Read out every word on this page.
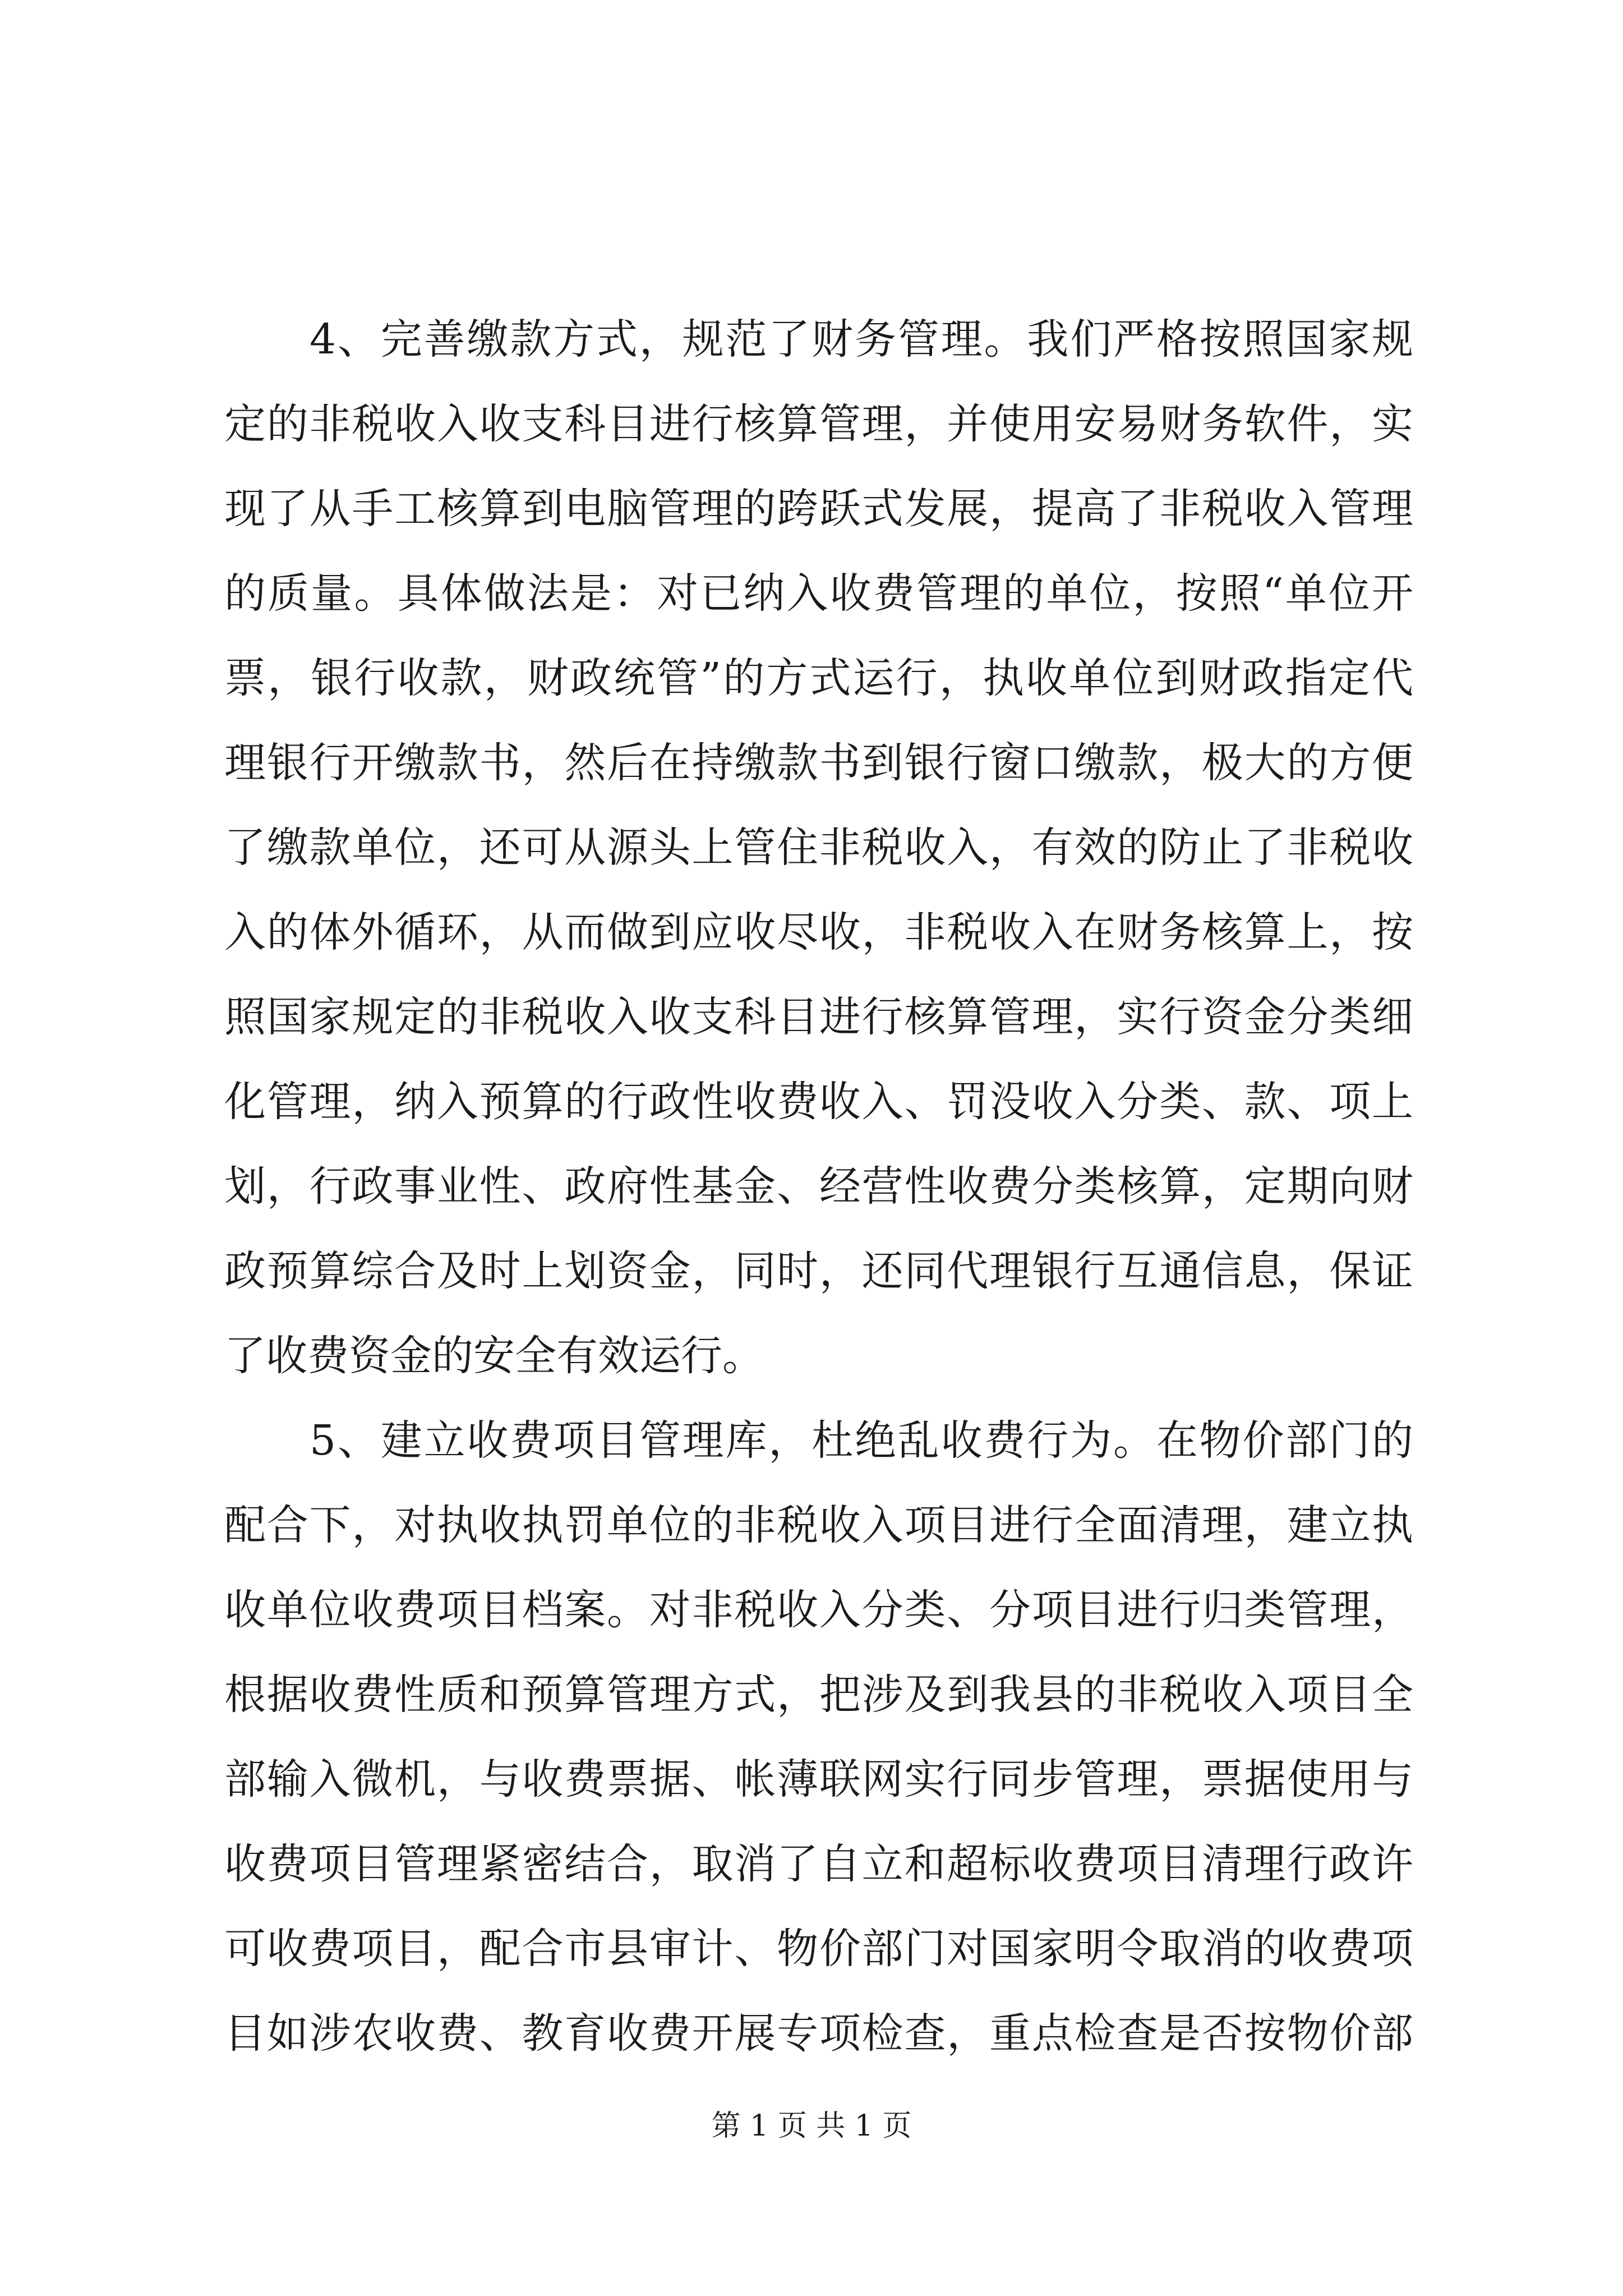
4、完善缴款方式，规范了财务管理。我们严格按照国家规
定的非税收入收支科目进行核算管理，并使用安易财务软件，实
现了从手工核算到电脑管理的跨跃式发展，提高了非税收入管理
的质量。具体做法是：对已纳入收费管理的单位，按照“单位开
票，银行收款，财政统管”的方式运行，执收单位到财政指定代
理银行开缴款书，然后在持缴款书到银行窗口缴款，极大的方便
了缴款单位，还可从源头上管住非税收入，有效的防止了非税收
入的体外循环，从而做到应收尽收，非税收入在财务核算上，按
照国家规定的非税收入收支科目进行核算管理，实行资金分类细
化管理，纳入预算的行政性收费收入、罚没收入分类、款、项上
划，行政事业性、政府性基金、经营性收费分类核算，定期向财
政预算综合及时上划资金，同时，还同代理银行互通信息，保证
了收费资金的安全有效运行。
5、建立收费项目管理库，杜绝乱收费行为。在物价部门的
配合下，对执收执罚单位的非税收入项目进行全面清理，建立执
收单位收费项目档案。对非税收入分类、分项目进行归类管理，
根据收费性质和预算管理方式，把涉及到我县的非税收入项目全
部输入微机，与收费票据、帐薄联网实行同步管理，票据使用与
收费项目管理紧密结合，取消了自立和超标收费项目清理行政许
可收费项目，配合市县审计、物价部门对国家明令取消的收费项
目如涉农收费、教育收费开展专项检查，重点检查是否按物价部
第 1 页 共 1 页
